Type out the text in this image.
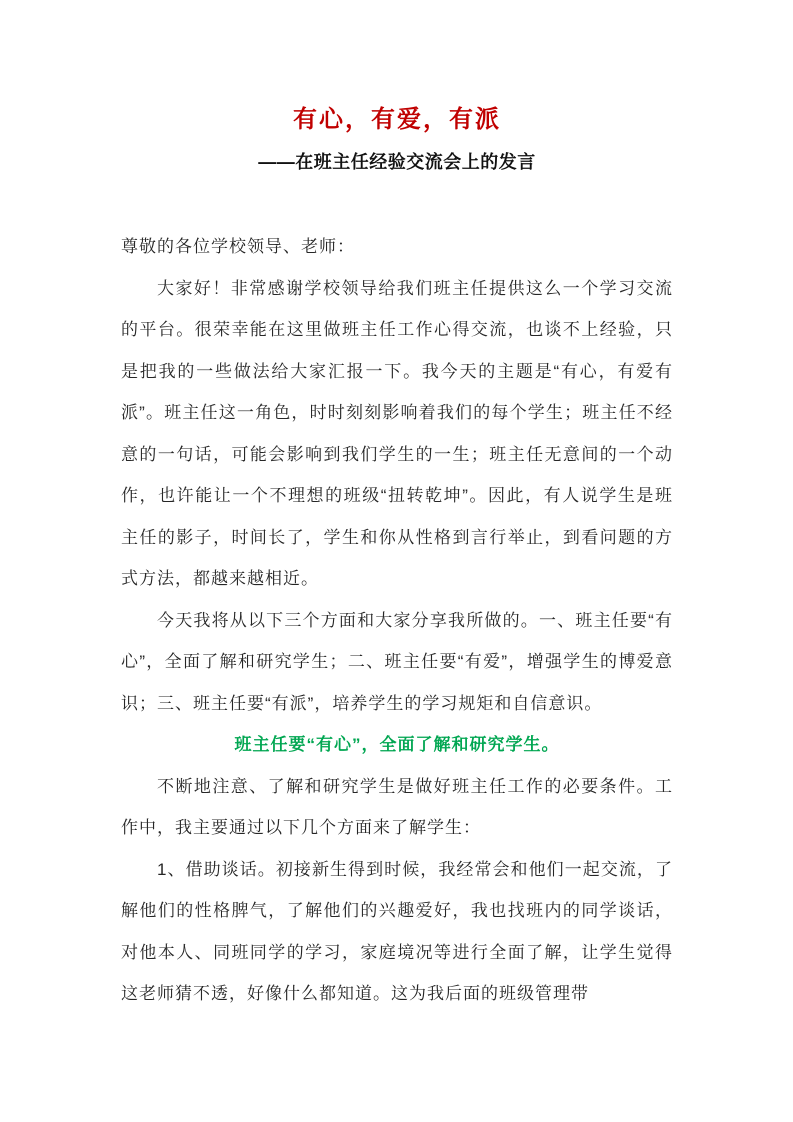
有心，有爱，有派
——在班主任经验交流会上的发言

尊敬的各位学校领导、老师：

大家好！非常感谢学校领导给我们班主任提供这么一个学习交流的平台。很荣幸能在这里做班主任工作心得交流，也谈不上经验，只是把我的一些做法给大家汇报一下。我今天的主题是“有心，有爱有派”。班主任这一角色，时时刻刻影响着我们的每个学生；班主任不经意的一句话，可能会影响到我们学生的一生；班主任无意间的一个动作，也许能让一个不理想的班级“扭转乾坤”。因此，有人说学生是班主任的影子，时间长了，学生和你从性格到言行举止，到看问题的方式方法，都越来越相近。

今天我将从以下三个方面和大家分享我所做的。一、班主任要“有心”，全面了解和研究学生；二、班主任要“有爱”，增强学生的博爱意识；三、班主任要“有派”，培养学生的学习规矩和自信意识。

班主任要“有心”，全面了解和研究学生。

不断地注意、了解和研究学生是做好班主任工作的必要条件。工作中，我主要通过以下几个方面来了解学生：

1、借助谈话。初接新生得到时候，我经常会和他们一起交流，了解他们的性格脾气，了解他们的兴趣爱好，我也找班内的同学谈话，对他本人、同班同学的学习，家庭境况等进行全面了解，让学生觉得这老师猜不透，好像什么都知道。这为我后面的班级管理带
